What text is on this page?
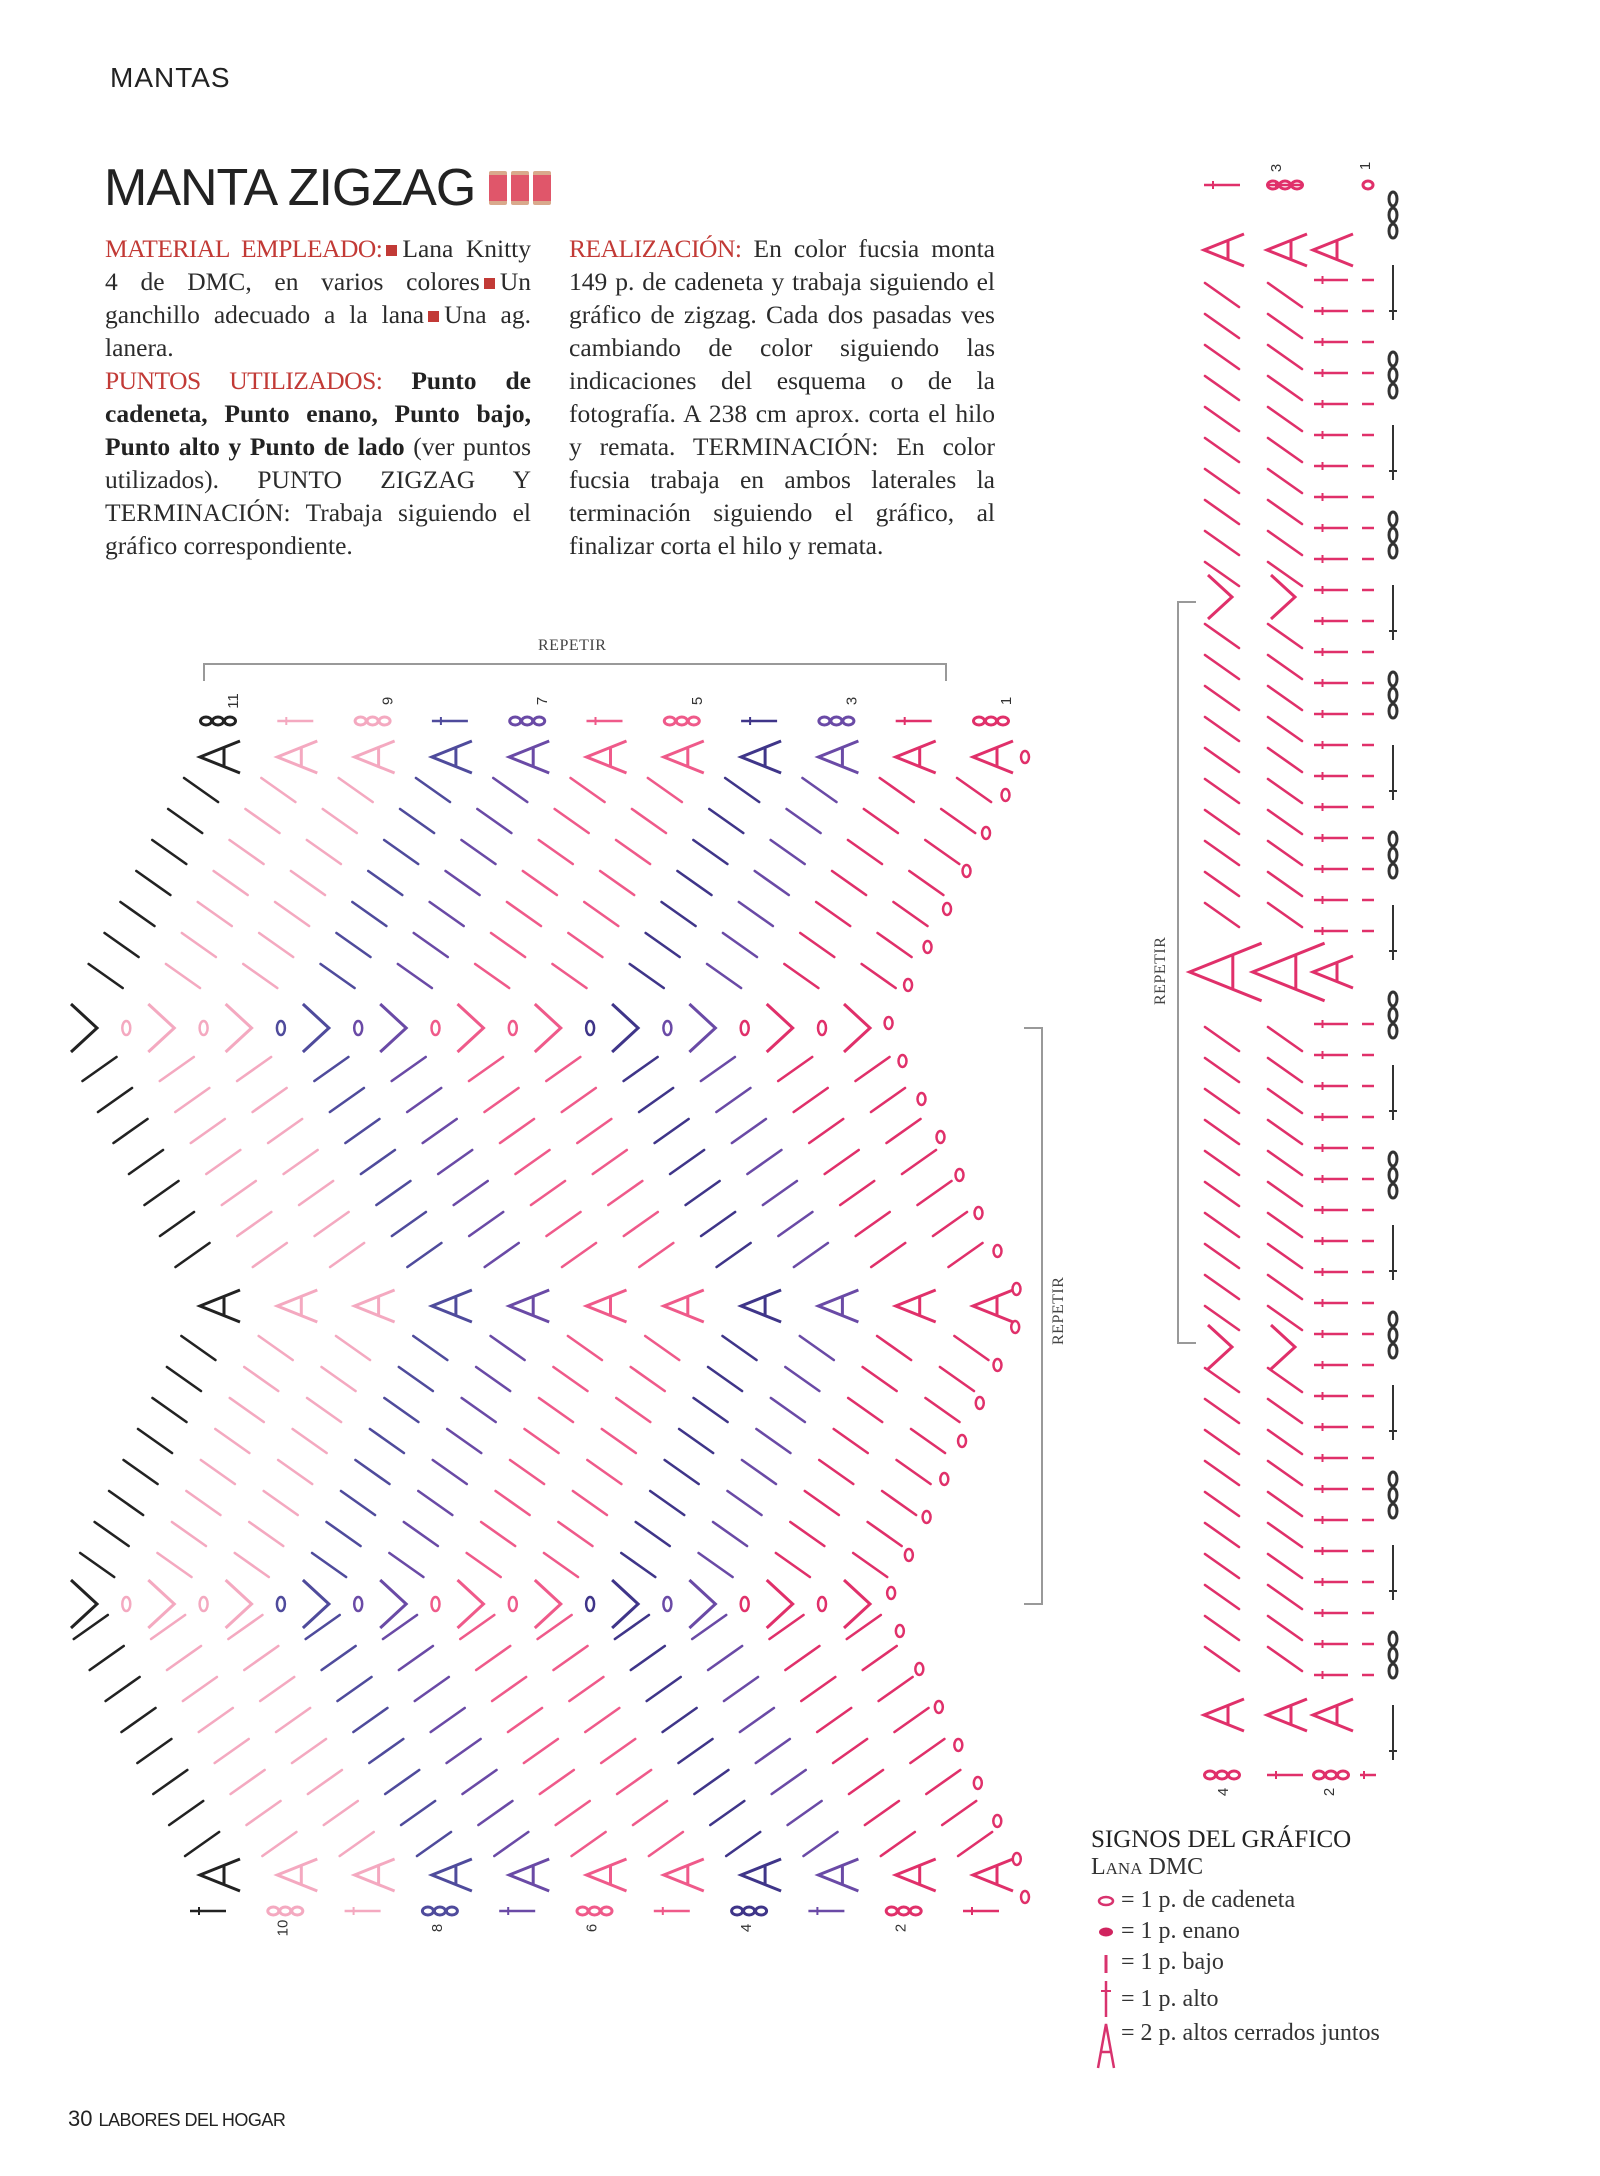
MANTAS
MANTA ZIGZAG

MATERIAL EMPLEADO: Lana Knitty 4 de DMC, en varios colores Un ganchillo adecuado a la lana Una ag. lanera.

PUNTOS UTILIZADOS: Punto de cadeneta, Punto enano, Punto bajo, Punto alto y Punto de lado (ver puntos utilizados). PUNTO ZIGZAG Y TERMINACIÓN: Trabaja siguiendo el gráfico correspondiente.

REALIZACIÓN: En color fucsia monta 149 p. de cadeneta y trabaja siguiendo el gráfico de zigzag. Cada dos pasadas ves cambiando de color siguiendo las indicaciones del esquema o de la fotografía. A 238 cm aprox. corta el hilo y remata. TERMINACIÓN: En color fucsia trabaja en ambos laterales la terminación siguiendo el gráfico, al finalizar corta el hilo y remata.

11	9	7	5	3	1
10	8	6	4	2
3	1
4	2
REPETIR
REPETIR
REPETIR
SIGNOS DEL GRÁFICO
Lana DMC
= 1 p. de cadeneta
= 1 p. enano
= 1 p. bajo
= 1 p. alto
= 2 p. altos cerrados juntos
30 LABORES DEL HOGAR
